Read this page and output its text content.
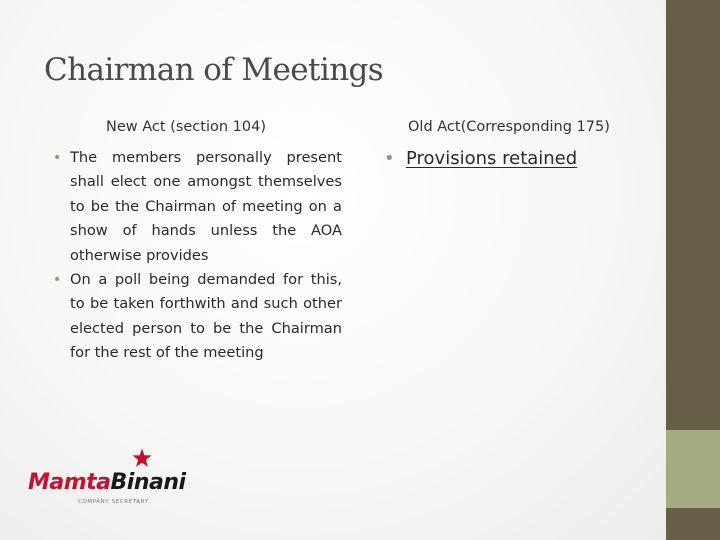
Chairman of Meetings
New Act (section 104)	Old Act(Corresponding 175)
• The members personally present shall elect one amongst themselves to be the Chairman of meeting on a show of hands unless the AOA otherwise provides
• On a poll being demanded for this, to be taken forthwith and such other elected person to be the Chairman for the rest of the meeting
• Provisions retained
MamtaBinani
COMPANY SECRETARY
